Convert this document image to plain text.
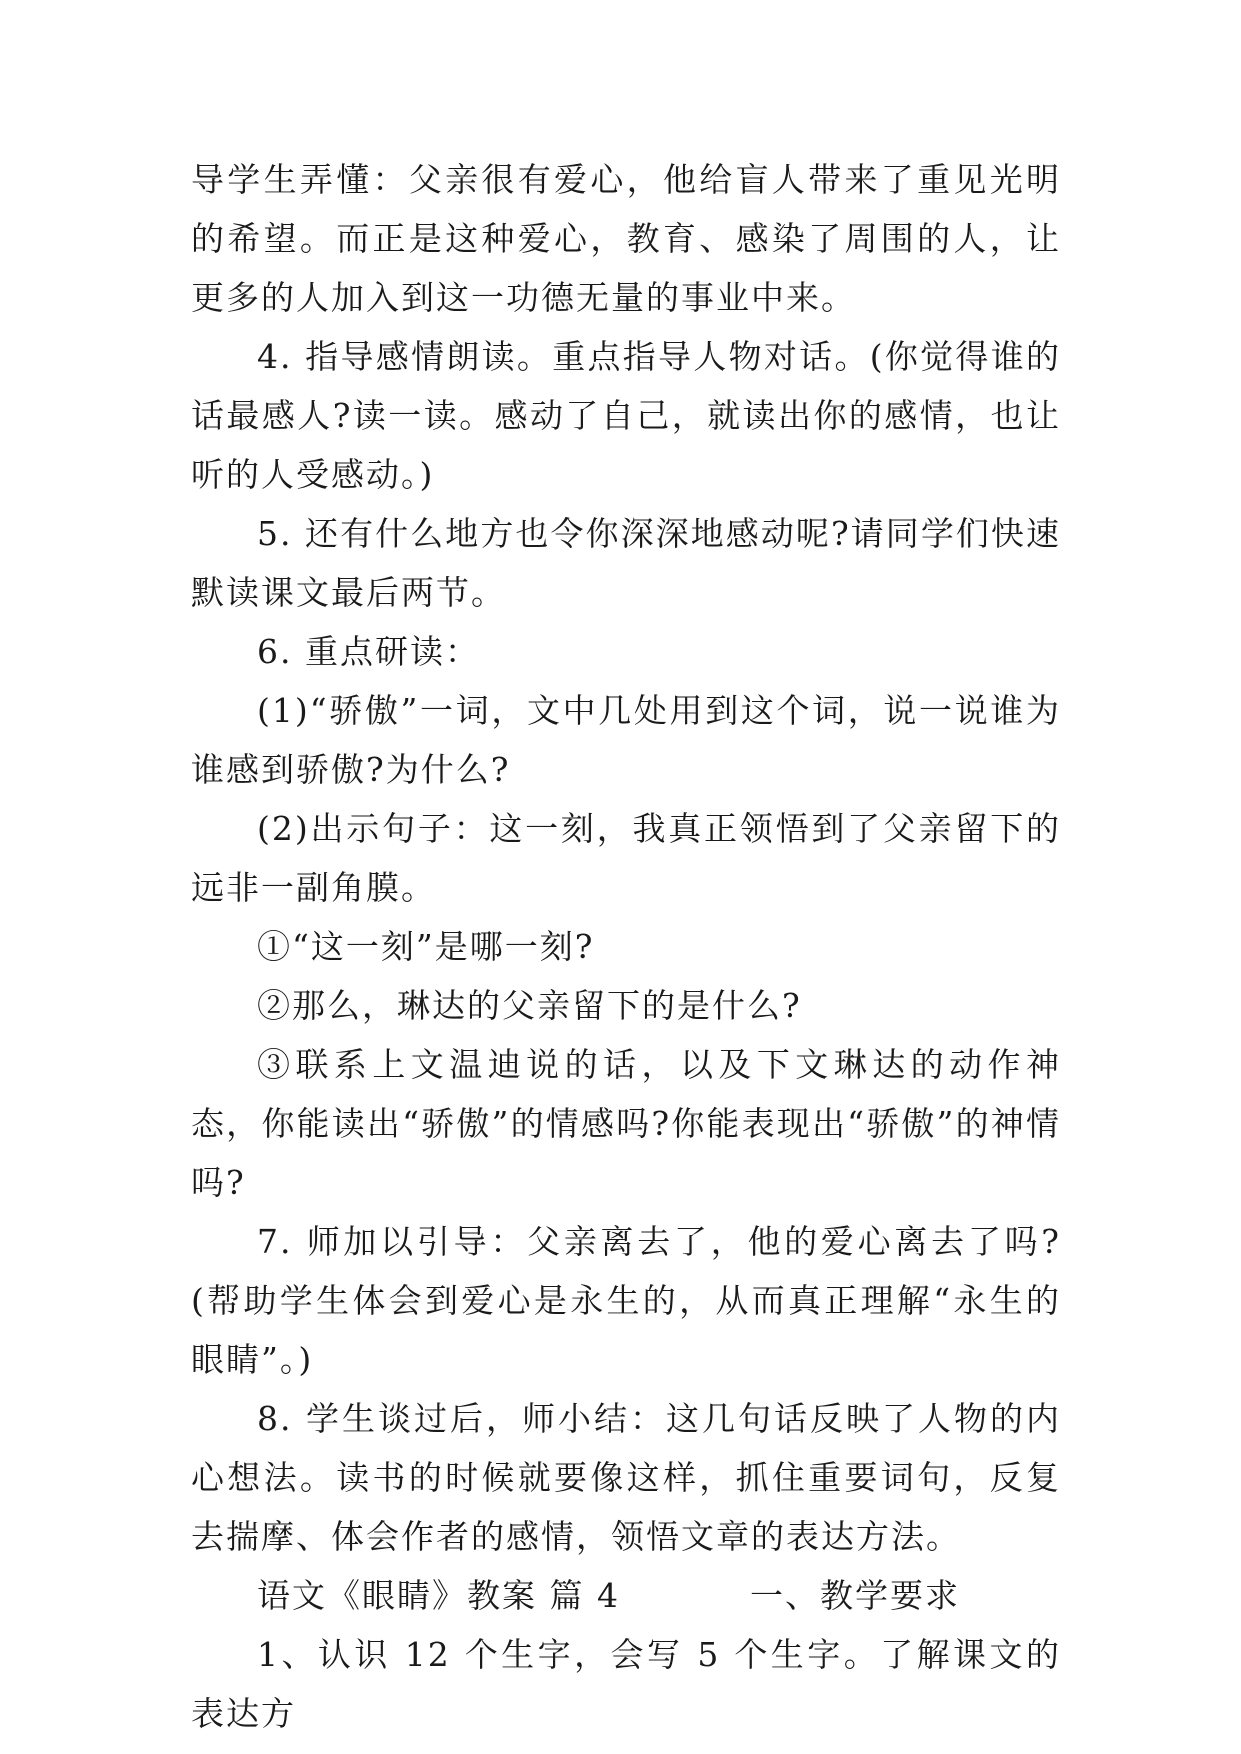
导学生弄懂：父亲很有爱心，他给盲人带来了重见光明的希望。而正是这种爱心，教育、感染了周围的人，让更多的人加入到这一功德无量的事业中来。

4. 指导感情朗读。重点指导人物对话。(你觉得谁的话最感人?读一读。感动了自己，就读出你的感情，也让听的人受感动。)

5. 还有什么地方也令你深深地感动呢?请同学们快速默读课文最后两节。

6. 重点研读：

(1)“骄傲”一词，文中几处用到这个词，说一说谁为谁感到骄傲?为什么?

(2)出示句子：这一刻，我真正领悟到了父亲留下的远非一副角膜。

①“这一刻”是哪一刻?

②那么，琳达的父亲留下的是什么?

③联系上文温迪说的话，以及下文琳达的动作神态，你能读出“骄傲”的情感吗?你能表现出“骄傲”的神情吗?

7. 师加以引导：父亲离去了，他的爱心离去了吗?(帮助学生体会到爱心是永生的，从而真正理解“永生的眼睛”。)

8. 学生谈过后，师小结：这几句话反映了人物的内心想法。读书的时候就要像这样，抓住重要词句，反复去揣摩、体会作者的感情，领悟文章的表达方法。

语文《眼睛》教案 篇 4	一、教学要求

1、认识 12 个生字，会写 5 个生字。了解课文的表达方
